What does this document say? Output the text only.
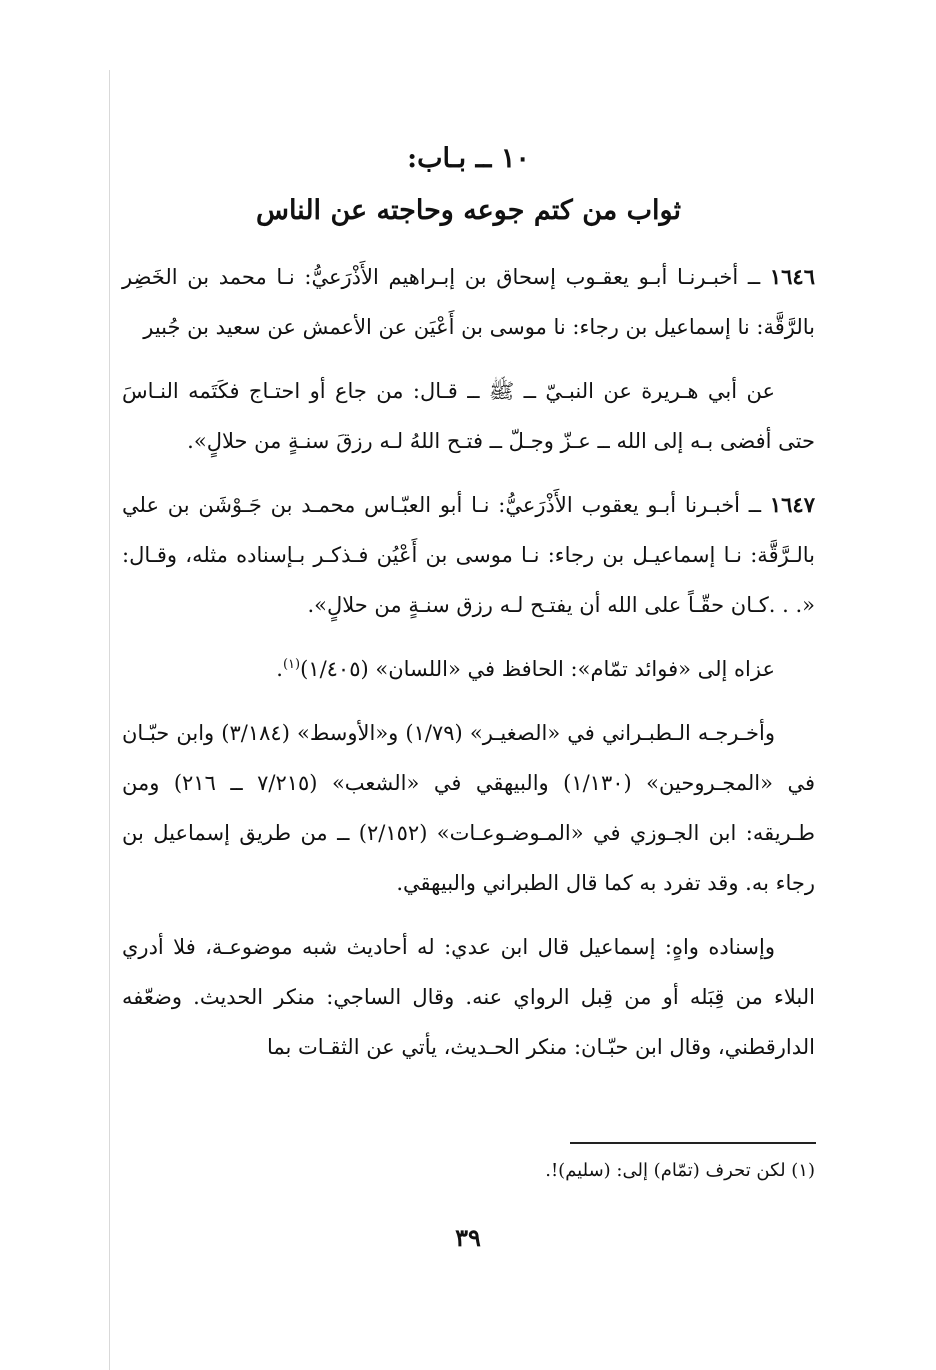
١٠ ــ بـاب:
ثواب من كتم جوعه وحاجته عن الناس

١٦٤٦ ــ أخبـرنـا أبـو يعقـوب إسحاق بن إبـراهيم الأَذْرَعيُّ: نـا محمد بن الخَضِر بالرَّقَّة: نا إسماعيل بن رجاء: نا موسى بن أَعْيَن عن الأعمش عن سعيد بن جُبير

عن أبي هـريرة عن النبـيّ ــ ﷺ ــ قـال: من جاع أو احتـاج فكَتَمه النـاسَ حتى أفضى بـه إلى الله ــ عـزّ وجـلّ ــ فتـح اللهُ لـه رزقَ سنـةٍ من حلالٍ».

١٦٤٧ ــ أخبـرنا أبـو يعقوب الأَذْرَعيُّ: نـا أبو العبّـاس محمـد بن جَـوْشَن بن علي بالـرَّقَّة: نـا إسماعيـل بن رجاء: نـا موسى بن أَعْيُن فـذكـر بـإسناده مثله، وقـال: «. . .كـان حقّـاً على الله أن يفتـح لـه رزق سنـةٍ من حلالٍ».

عزاه إلى «فوائد تمّام»: الحافظ في «اللسان» (١/٤٠٥)$^{(١)}$.

وأخـرجـه الـطبـراني في «الصغيـر» (١/٧٩) و«الأوسط» (٣/١٨٤) وابن حبّـان في «المجـروحين» (١/١٣٠) والبيهقي في «الشعب» (٧/٢١٥ ــ ٢١٦) ومن طـريقه: ابن الجـوزي في «المـوضـوعـات» (٢/١٥٢) ــ من طريق إسماعيل بن رجاء به. وقد تفرد به كما قال الطبراني والبيهقي.

وإسناده واهٍ: إسماعيل قال ابن عدي: له أحاديث شبه موضوعـة، فلا أدري البلاء من قِبَله أو من قِبل الرواي عنه. وقال الساجي: منكر الحديث. وضعّفه الدارقطني، وقال ابن حبّـان: منكر الحـديث، يأتي عن الثقـات بما

(١) لكن تحرف (تمّام) إلى: (سليم)!.
٣٩
